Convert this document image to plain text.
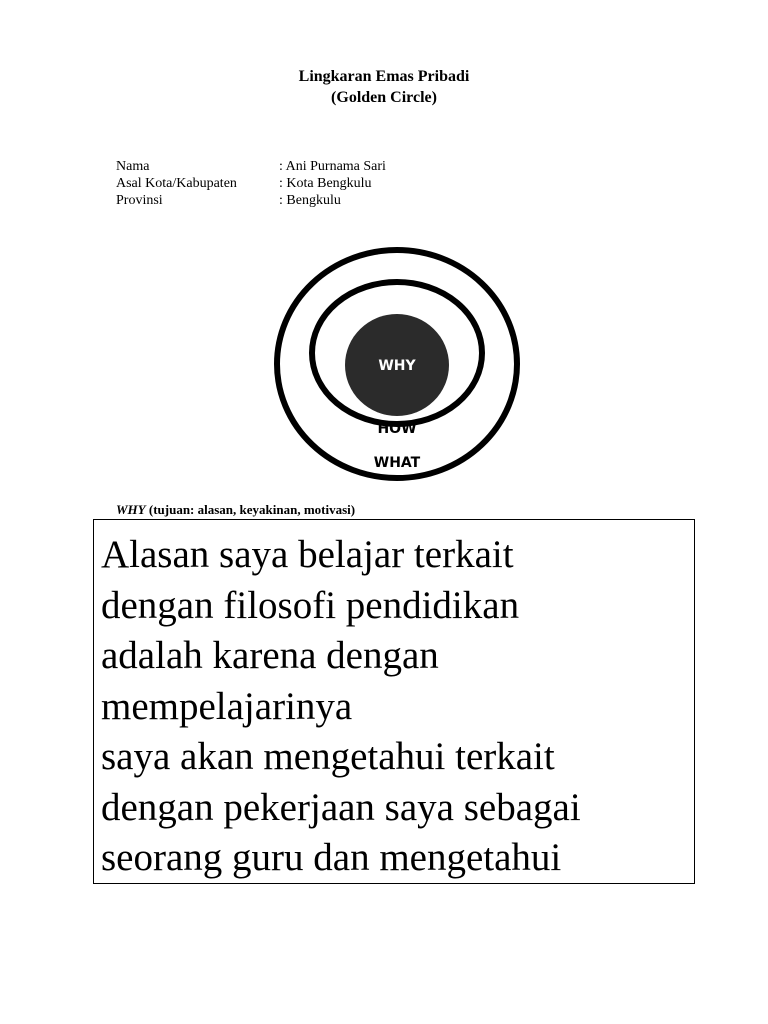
Lingkaran Emas Pribadi
(Golden Circle)
Nama	: Ani Purnama Sari
Asal Kota/Kabupaten	: Kota Bengkulu
Provinsi	: Bengkulu
WHY
HOW
WHAT
WHY (tujuan: alasan, keyakinan, motivasi)

Alasan saya belajar terkait
dengan filosofi pendidikan
adalah karena dengan
mempelajarinya
saya akan mengetahui terkait
dengan pekerjaan saya sebagai
seorang guru dan mengetahui
